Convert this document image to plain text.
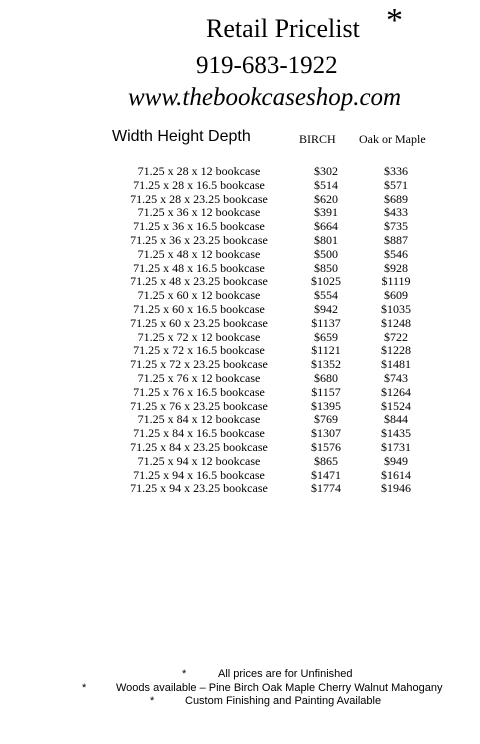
Retail Pricelist *
919-683-1922
www.thebookcaseshop.com
Width Height Depth	BIRCH Oak or Maple
71.25 x 28 x 12 bookcase	$302	$336
71.25 x 28 x 16.5 bookcase	$514	$571
71.25 x 28 x 23.25 bookcase	$620	$689
71.25 x 36 x 12 bookcase	$391	$433
71.25 x 36 x 16.5 bookcase	$664	$735
71.25 x 36 x 23.25 bookcase	$801	$887
71.25 x 48 x 12 bookcase	$500	$546
71.25 x 48 x 16.5 bookcase	$850	$928
71.25 x 48 x 23.25 bookcase	$1025	$1119
71.25 x 60 x 12 bookcase	$554	$609
71.25 x 60 x 16.5 bookcase	$942	$1035
71.25 x 60 x 23.25 bookcase	$1137	$1248
71.25 x 72 x 12 bookcase	$659	$722
71.25 x 72 x 16.5 bookcase	$1121	$1228
71.25 x 72 x 23.25 bookcase	$1352	$1481
71.25 x 76 x 12 bookcase	$680	$743
71.25 x 76 x 16.5 bookcase	$1157	$1264
71.25 x 76 x 23.25 bookcase	$1395	$1524
71.25 x 84 x 12 bookcase	$769	$844
71.25 x 84 x 16.5 bookcase	$1307	$1435
71.25 x 84 x 23.25 bookcase	$1576	$1731
71.25 x 94 x 12 bookcase	$865	$949
71.25 x 94 x 16.5 bookcase	$1471	$1614
71.25 x 94 x 23.25 bookcase	$1774	$1946
*	All prices are for Unfinished
*	Woods available – Pine Birch Oak Maple Cherry Walnut Mahogany
*	Custom Finishing and Painting Available
